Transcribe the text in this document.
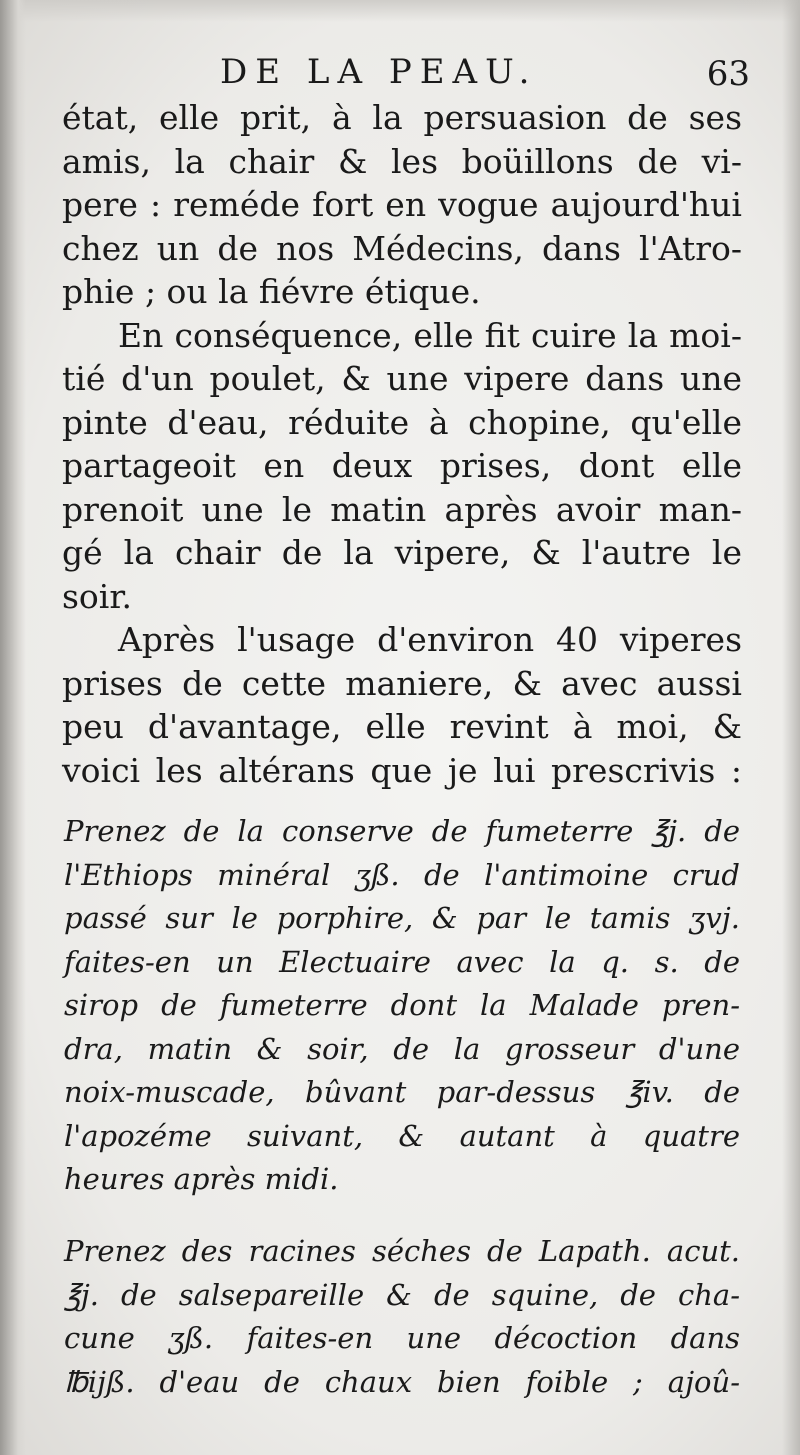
DE LA PEAU.	63
état, elle prit, à la persuasion de ses
amis, la chair & les boüillons de vi-
pere : reméde fort en vogue aujourd'hui
chez un de nos Médecins, dans l'Atro-
phie ; ou la fiévre étique.
En conséquence, elle fit cuire la moi-
tié d'un poulet, & une vipere dans une
pinte d'eau, réduite à chopine, qu'elle
partageoit en deux prises, dont elle
prenoit une le matin après avoir man-
gé la chair de la vipere, & l'autre le
soir.
Après l'usage d'environ 40 viperes
prises de cette maniere, & avec aussi
peu d'avantage, elle revint à moi, &
voici les altérans que je lui prescrivis :
Prenez de la conserve de fumeterre ℥j. de
l'Ethiops minéral ʒß. de l'antimoine crud
passé sur le porphire, & par le tamis ʒvj.
faites-en un Electuaire avec la q. s. de
sirop de fumeterre dont la Malade pren-
dra, matin & soir, de la grosseur d'une
noix-muscade, bûvant par-dessus ℥iv. de
l'apozéme suivant, & autant à quatre
heures après midi.
Prenez des racines séches de Lapath. acut.
℥j. de salsepareille & de squine, de cha-
cune ʒß. faites-en une décoction dans
℔ijß. d'eau de chaux bien foible ; ajoû-
